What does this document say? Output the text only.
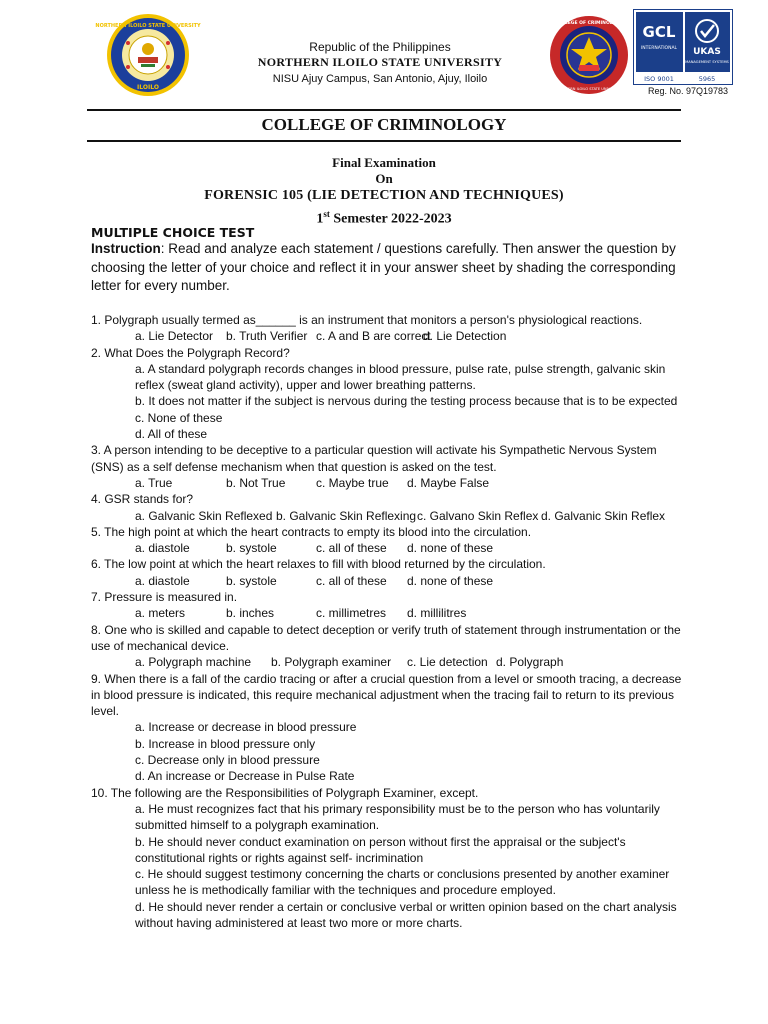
NORTHERN ILOILO STATE UNIVERSITY
ILOILO
Republic of the Philippines
NORTHERN ILOILO STATE UNIVERSITY
NISU Ajuy Campus, San Antonio, Ajuy, Iloilo
COLLEGE OF CRIMINOLOGY
NORTHERN ILOILO STATE UNIVERSITY
GCL
INTERNATIONAL UKAS
MANAGEMENT SYSTEMS
ISO 9001	5965
Reg. No. 97Q19783
COLLEGE OF CRIMINOLOGY
Final Examination
On
FORENSIC 105 (LIE DETECTION AND TECHNIQUES)
1st Semester 2022-2023
MULTIPLE CHOICE TEST
Instruction: Read and analyze each statement / questions carefully. Then answer the question by choosing the letter of your choice and reflect it in your answer sheet by shading the corresponding letter for every number.
1. Polygraph usually termed as______ is an instrument that monitors a person's physiological reactions.
a. Lie Detector b. Truth Verifier c. A and B are correct
d. Lie Detection
2. What Does the Polygraph Record?
a. A standard polygraph records changes in blood pressure, pulse rate, pulse strength, galvanic skin reflex (sweat gland activity), upper and lower breathing patterns.
b. It does not matter if the subject is nervous during the testing process because that is to be expected
c. None of these
d. All of these
3. A person intending to be deceptive to a particular question will activate his Sympathetic Nervous System (SNS) as a self defense mechanism when that question is asked on the test.
a. True	b. Not True	c. Maybe true d. Maybe False
4. GSR stands for?
a. Galvanic Skin Reflexed b. Galvanic Skin Reflexing c. Galvano Skin Reflex d. Galvanic Skin Reflex
5. The high point at which the heart contracts to empty its blood into the circulation.
a. diastole	b. systole	c. all of these d. none of these
6. The low point at which the heart relaxes to fill with blood returned by the circulation.
a. diastole	b. systole	c. all of these d. none of these
7. Pressure is measured in.
a. meters	b. inches	c. millimetres d. millilitres
8. One who is skilled and capable to detect deception or verify truth of statement through instrumentation or the use of mechanical device.
a. Polygraph machine b. Polygraph examiner c. Lie detection d. Polygraph
9. When there is a fall of the cardio tracing or after a crucial question from a level or smooth tracing, a decrease in blood pressure is indicated, this require mechanical adjustment when the tracing fail to return to its previous level.
a. Increase or decrease in blood pressure
b. Increase in blood pressure only
c. Decrease only in blood pressure
d. An increase or Decrease in Pulse Rate
10. The following are the Responsibilities of Polygraph Examiner, except.
a. He must recognizes fact that his primary responsibility must be to the person who has voluntarily submitted himself to a polygraph examination.
b. He should never conduct examination on person without first the appraisal or the subject's constitutional rights or rights against self- incrimination
c. He should suggest testimony concerning the charts or conclusions presented by another examiner unless he is methodically familiar with the techniques and procedure employed.
d. He should never render a certain or conclusive verbal or written opinion based on the chart analysis without having administered at least two more or more charts.
